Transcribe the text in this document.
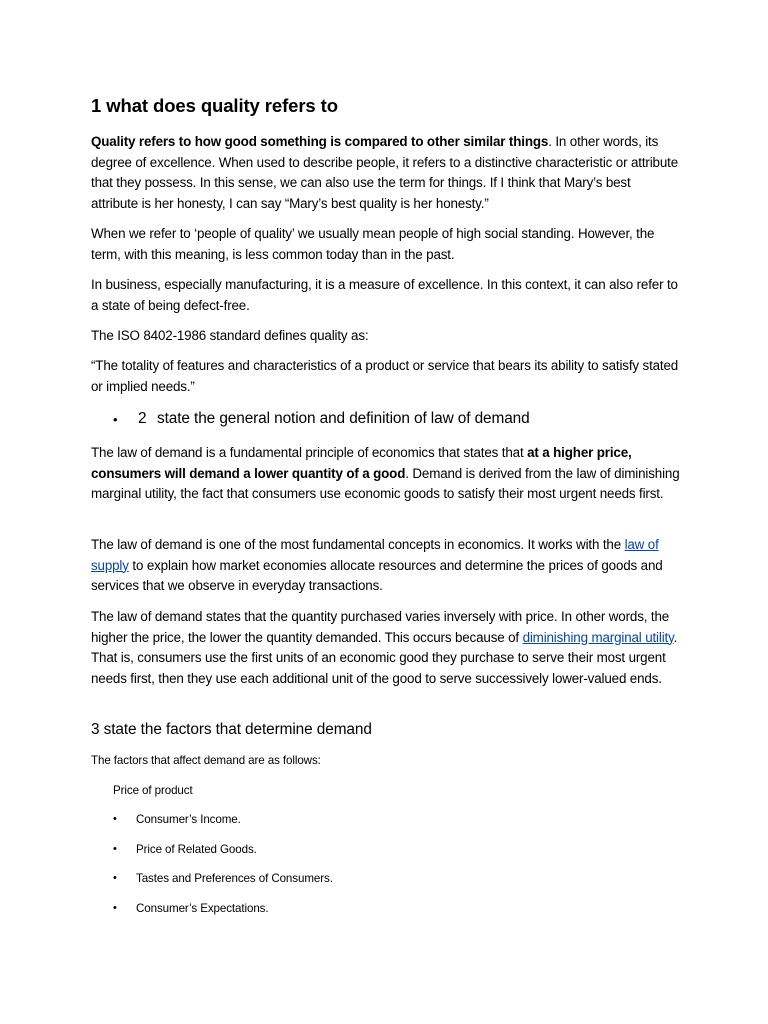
1 what does quality refers to

Quality refers to how good something is compared to other similar things. In other words, its degree of excellence. When used to describe people, it refers to a distinctive characteristic or attribute that they possess. In this sense, we can also use the term for things. If I think that Mary’s best attribute is her honesty, I can say “Mary’s best quality is her honesty.”

When we refer to ‘people of quality’ we usually mean people of high social standing. However, the term, with this meaning, is less common today than in the past.

In business, especially manufacturing, it is a measure of excellence. In this context, it can also refer to a state of being defect-free.

The ISO 8402-1986 standard defines quality as:

“The totality of features and characteristics of a product or service that bears its ability to satisfy stated or implied needs.”

• 2 state the general notion and definition of law of demand

The law of demand is a fundamental principle of economics that states that at a higher price, consumers will demand a lower quantity of a good. Demand is derived from the law of diminishing marginal utility, the fact that consumers use economic goods to satisfy their most urgent needs first.

The law of demand is one of the most fundamental concepts in economics. It works with the law of supply to explain how market economies allocate resources and determine the prices of goods and services that we observe in everyday transactions.

The law of demand states that the quantity purchased varies inversely with price. In other words, the higher the price, the lower the quantity demanded. This occurs because of diminishing marginal utility. That is, consumers use the first units of an economic good they purchase to serve their most urgent needs first, then they use each additional unit of the good to serve successively lower-valued ends.

3 state the factors that determine demand
The factors that affect demand are as follows:
Price of product
• Consumer’s Income.
• Price of Related Goods.
• Tastes and Preferences of Consumers.
• Consumer’s Expectations.
